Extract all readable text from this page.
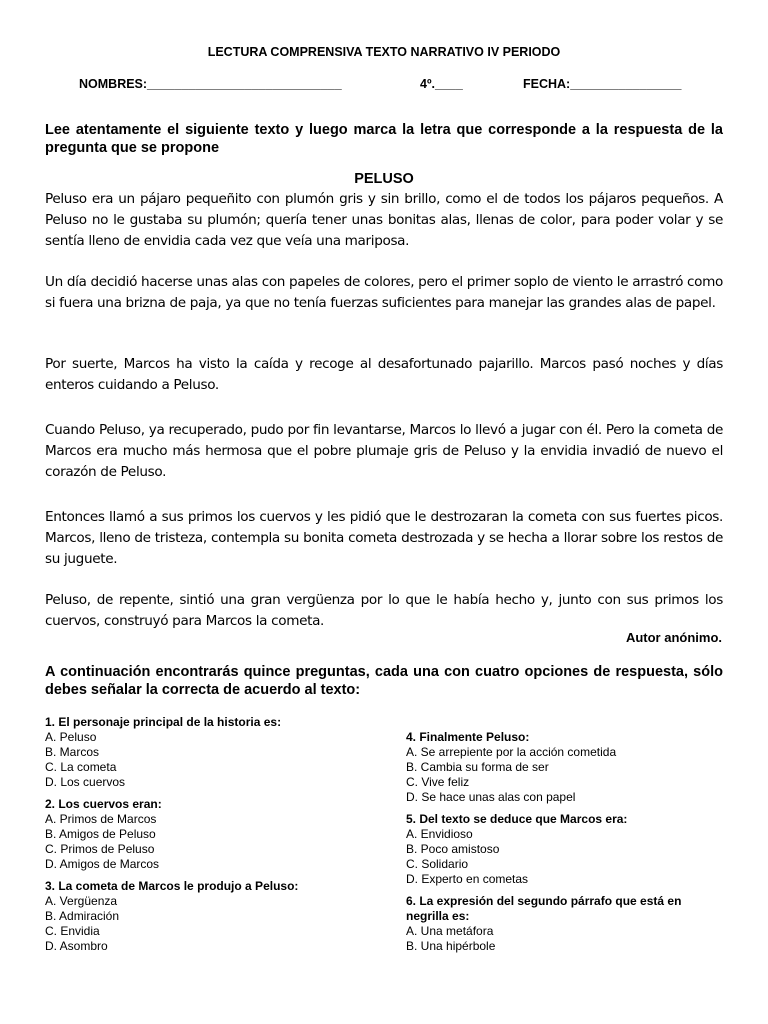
LECTURA COMPRENSIVA TEXTO NARRATIVO IV PERIODO
NOMBRES:____________________________	4º.____	FECHA:________________
Lee atentamente el siguiente texto y luego marca la letra que corresponde a la respuesta de la pregunta que se propone
PELUSO
Peluso era un pájaro pequeñito con plumón gris y sin brillo, como el de todos los pájaros pequeños. A Peluso no le gustaba su plumón; quería tener unas bonitas alas, llenas de color, para poder volar y se sentía lleno de envidia cada vez que veía una mariposa.
Un día decidió hacerse unas alas con papeles de colores, pero el primer soplo de viento le arrastró como si fuera una brizna de paja, ya que no tenía fuerzas suficientes para manejar las grandes alas de papel.
Por suerte, Marcos ha visto la caída y recoge al desafortunado pajarillo. Marcos pasó noches y días enteros cuidando a Peluso.
Cuando Peluso, ya recuperado, pudo por fin levantarse, Marcos lo llevó a jugar con él. Pero la cometa de Marcos era mucho más hermosa que el pobre plumaje gris de Peluso y la envidia invadió de nuevo el corazón de Peluso.
Entonces llamó a sus primos los cuervos y les pidió que le destrozaran la cometa con sus fuertes picos. Marcos, lleno de tristeza, contempla su bonita cometa destrozada y se hecha a llorar sobre los restos de su juguete.
Peluso, de repente, sintió una gran vergüenza por lo que le había hecho y, junto con sus primos los cuervos, construyó para Marcos la cometa.
Autor anónimo.
A continuación encontrarás quince preguntas, cada una con cuatro opciones de respuesta, sólo debes señalar la correcta de acuerdo al texto:
1. El personaje principal de la historia es:
A. Peluso
B. Marcos
C. La cometa
D. Los cuervos
2. Los cuervos eran:
A. Primos de Marcos
B. Amigos de Peluso
C. Primos de Peluso
D. Amigos de Marcos
3. La cometa de Marcos le produjo a Peluso:
A. Vergüenza
B. Admiración
C. Envidia
D. Asombro
4. Finalmente Peluso:
A. Se arrepiente por la acción cometida
B. Cambia su forma de ser
C. Vive feliz
D. Se hace unas alas con papel
5. Del texto se deduce que Marcos era:
A. Envidioso
B. Poco amistoso
C. Solidario
D. Experto en cometas
6. La expresión del segundo párrafo que está en negrilla es:
A. Una metáfora
B. Una hipérbole
